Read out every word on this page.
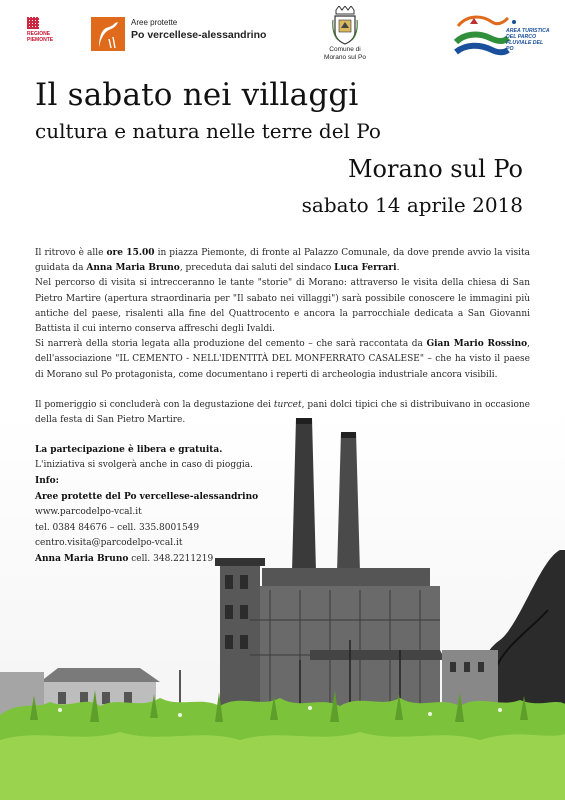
REGIONE PIEMONTE
Aree protette
Po vercellese-alessandrino
Comune di
Morano sul Po
AREA TURISTICA DEL PARCO FLUVIALE DEL PO
Il sabato nei villaggi
cultura e natura nelle terre del Po
Morano sul Po
sabato 14 aprile 2018

Il ritrovo è alle ore 15.00 in piazza Piemonte, di fronte al Palazzo Comunale, da dove prende avvio la visita guidata da Anna Maria Bruno, preceduta dai saluti del sindaco Luca Ferrari.

Nel percorso di visita si intrecceranno le tante "storie" di Morano: attraverso le visita della chiesa di San Pietro Martire (apertura straordinaria per "Il sabato nei villaggi") sarà possibile conoscere le immagini più antiche del paese, risalenti alla fine del Quattrocento e ancora la parrocchiale dedicata a San Giovanni Battista il cui interno conserva affreschi degli Ivaldi.

Si narrerà della storia legata alla produzione del cemento – che sarà raccontata da Gian Mario Rossino, dell'associazione "IL CEMENTO - NELL'IDENTITÀ DEL MONFERRATO CASALESE" – che ha visto il paese di Morano sul Po protagonista, come documentano i reperti di archeologia industriale ancora visibili.

Il pomeriggio si concluderà con la degustazione dei turcet, pani dolci tipici che si distribuivano in occasione della festa di San Pietro Martire.

La partecipazione è libera e gratuita.

L'iniziativa si svolgerà anche in caso di pioggia.

Info:
Aree protette del Po vercellese-alessandrino
www.parcodelpo-vcal.it
tel. 0384 84676 – cell. 335.8001549
centro.visita@parcodelpo-vcal.it
Anna Maria Bruno cell. 348.2211219
